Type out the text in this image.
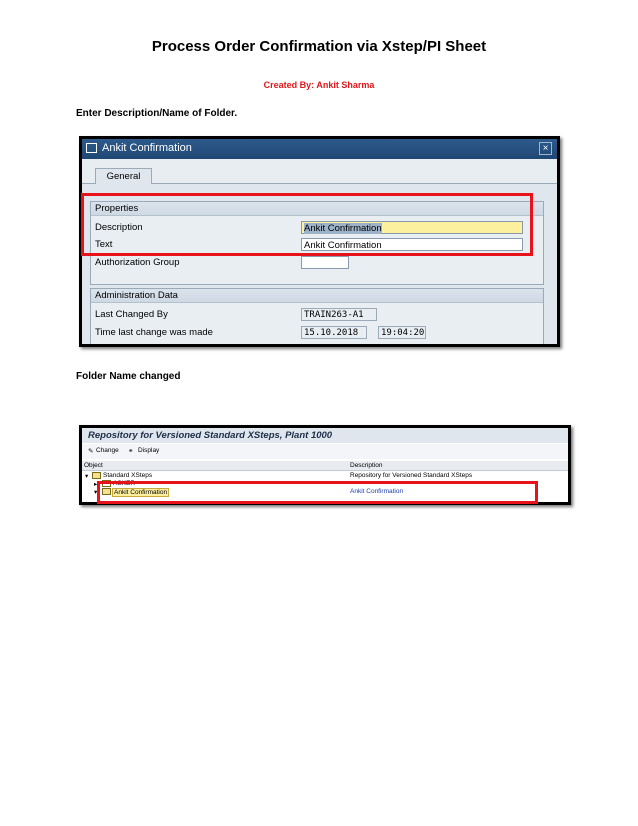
Process Order Confirmation via Xstep/PI Sheet
Created By: Ankit Sharma
Enter Description/Name of Folder.
Ankit Confirmation	×
General
Properties
Description	Ankit Confirmation
Text	Ankit Confirmation
Authorization Group
Administration Data
Last Changed By	TRAIN263-A1
Time last change was made	15.10.2018	19:04:20
Folder Name changed
Repository for Versioned Standard XSteps, Plant 1000
✎ Change ⚭ Display
Object	Description
▾ Standard XSteps	Repository for Versioned Standard XSteps
▸ ASKER
▾	Ankit Confirmation	Ankit Confirmation
